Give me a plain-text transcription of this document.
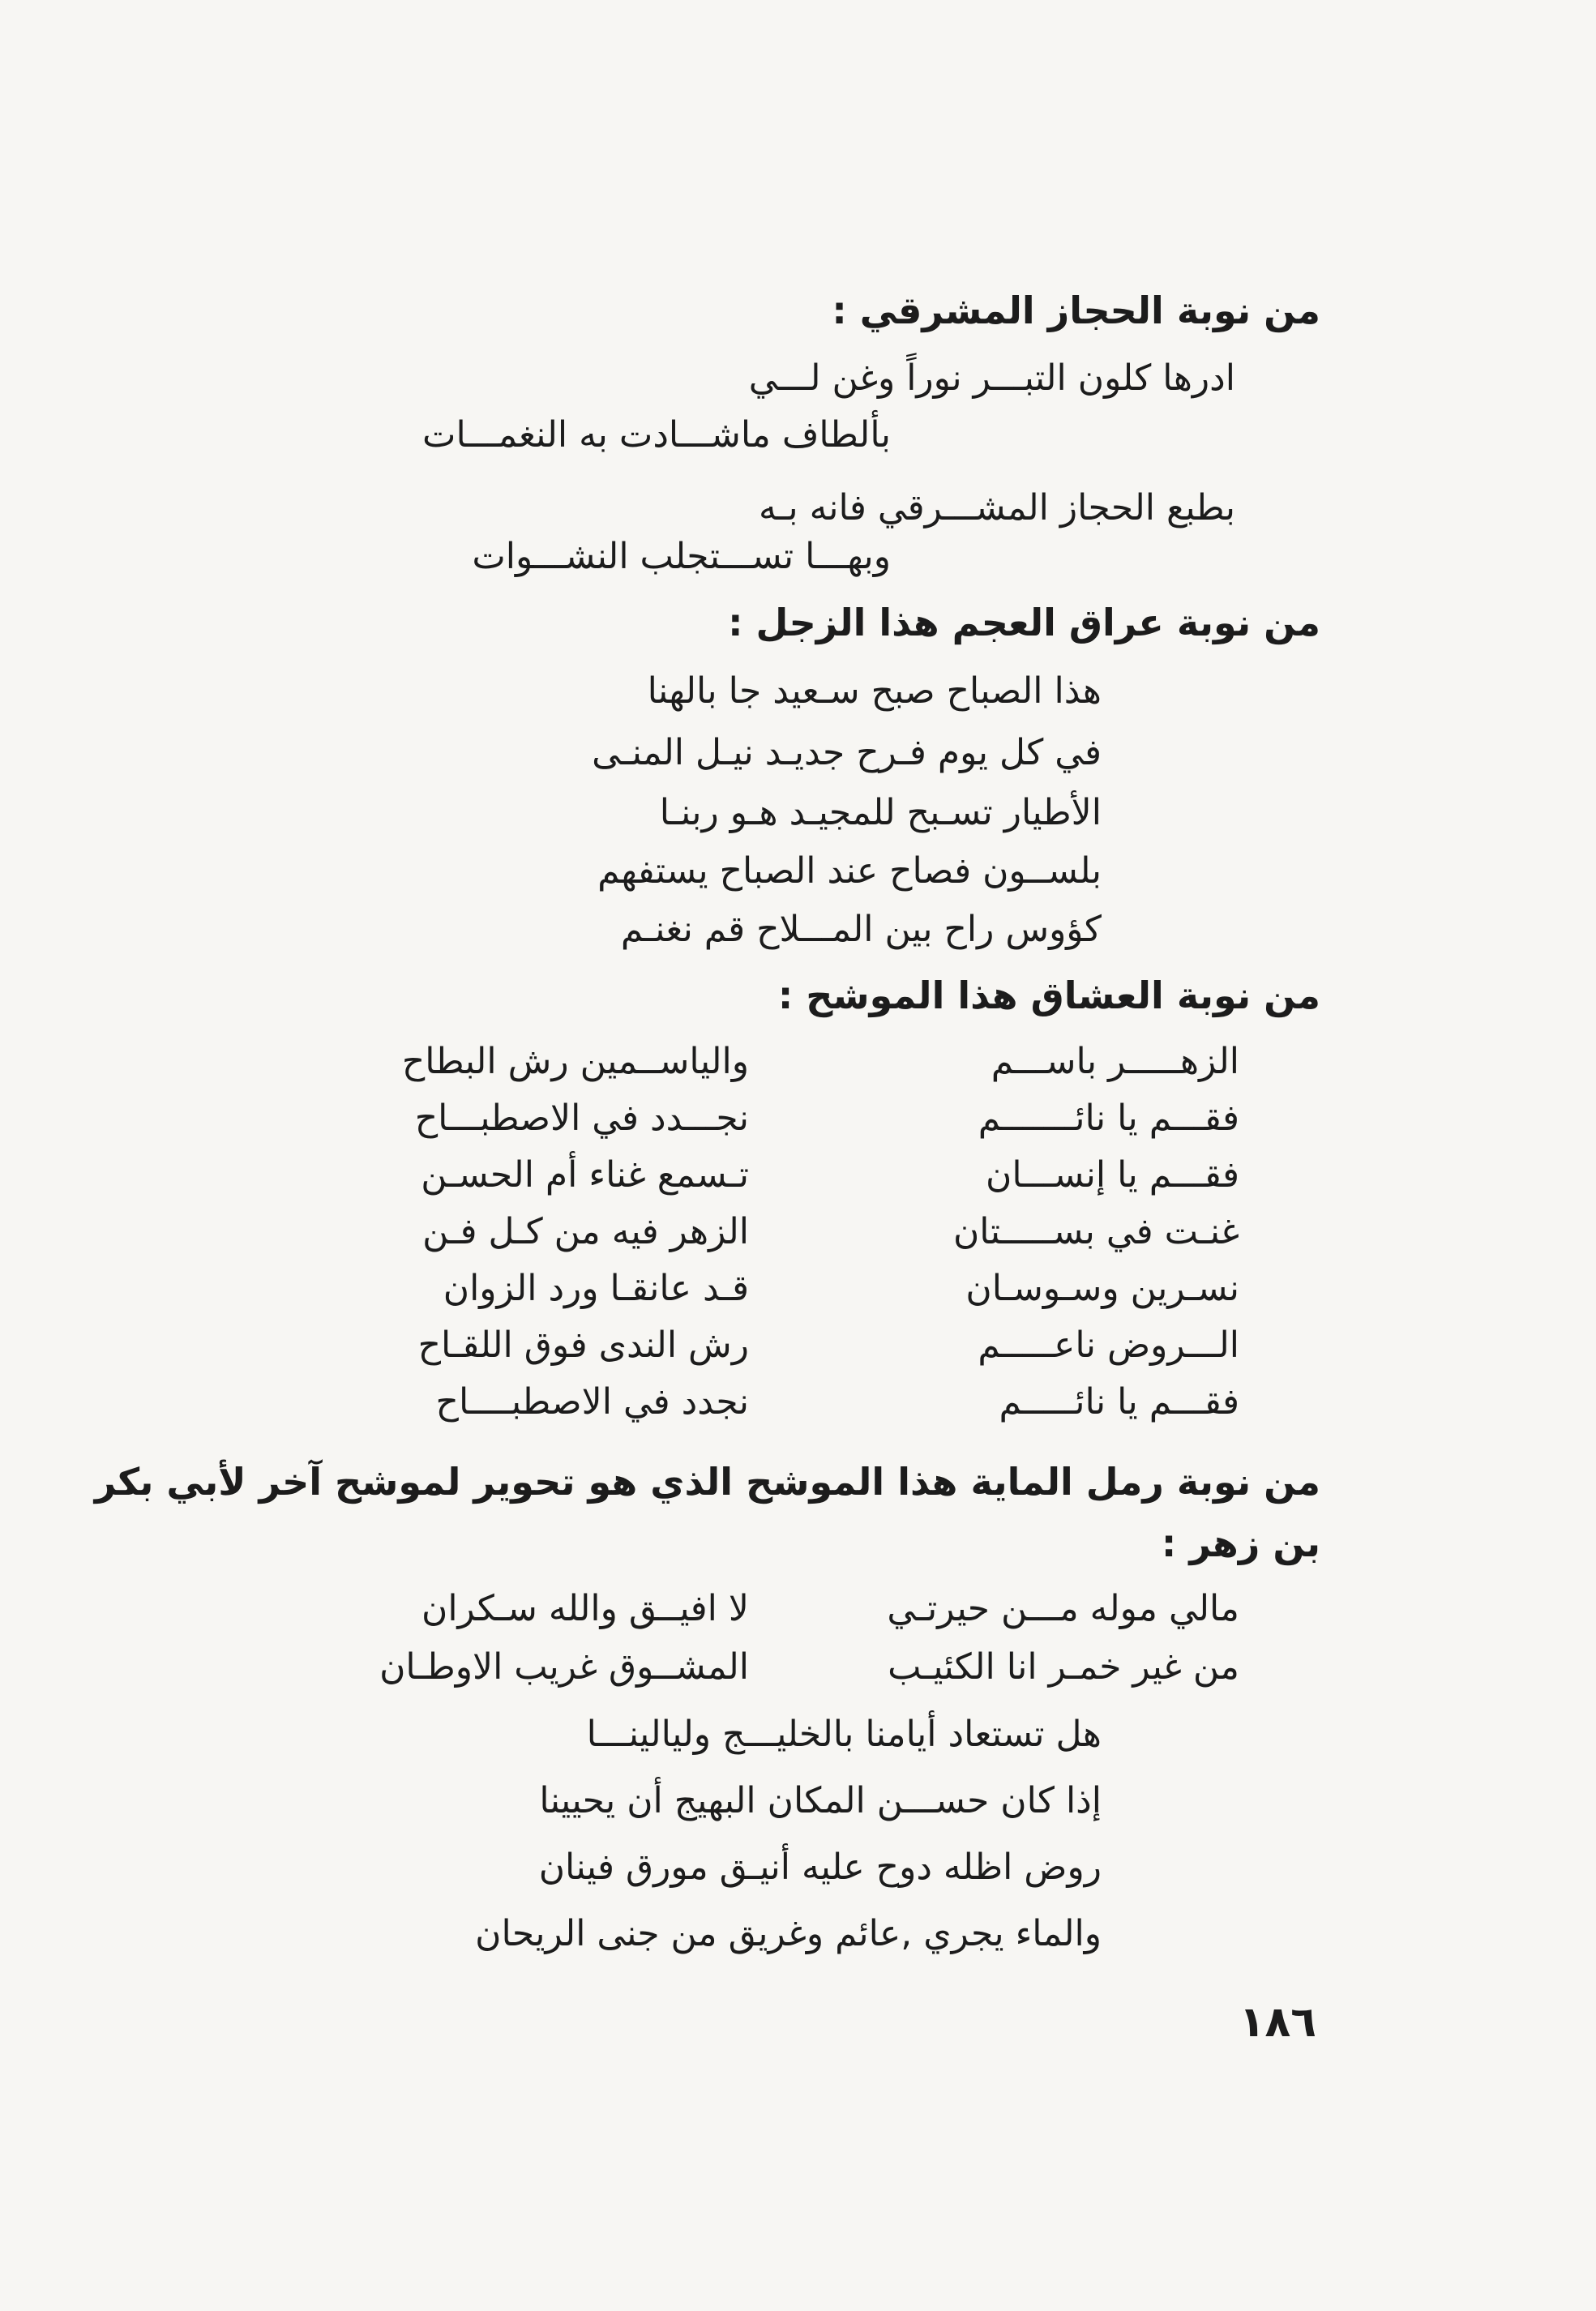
من نوبة الحجاز المشرقي :

ادرها كلون التبـــر نوراً وغن لـــي

بألطاف ماشـــادت به النغمـــات

بطبع الحجاز المشـــرقي فانه بـه

وبهـــا تســـتجلب النشـــوات

من نوبة عراق العجم هذا الزجل :

هذا الصباح صبح سـعيد جا بالهنا

في كل يوم فـرح جديـد نيـل المنـى

الأطيار تسـبح للمجيـد هـو ربنـا

بلســون فصاح عند الصباح يستفهم

كؤوس راح بين المـــلاح قم نغنـم

من نوبة العشاق هذا الموشح :

الزهـــــر باســـم

والياســمين رش البطاح

فقـــم يا نائـــــــم

نجـــدد في الاصطبـــاح

فقـــم يا إنســـان

تـسمع غناء أم الحسـن

غنـت في بســـــتان

الزهر فيه من كـل فـن

نسـرين وسـوسـان

قـد عانقـا ورد الزوان

الـــروض ناعـــــم

رش الندى فوق اللقـاح

فقـــم يا نائـــــم

نجدد في الاصطبــــاح

من نوبة رمل الماية هذا الموشح الذي هو تحوير لموشح آخر لأبي بكر

بن زهر :

مالي موله مـــن حيرتـي

لا افيــق والله سـكران

من غير خمـر انا الكئيـب

المشــوق غريب الاوطـان

هل تستعاد أيامنا بالخليـــج وليالينـــا

إذا كان حســـن المكان البهيج أن يحيينا

روض اظله دوح عليه أنيـق مورق فينان

والماء يجري ,عائم وغريق من جنى الريحان

١٨٦
